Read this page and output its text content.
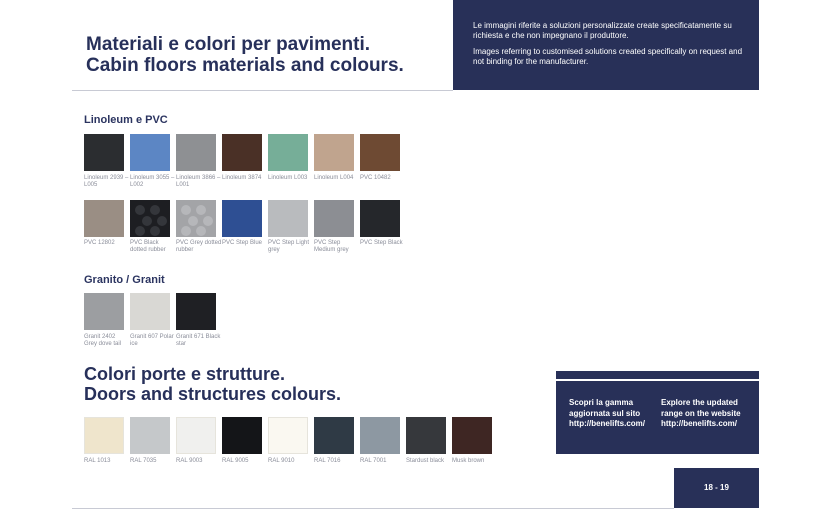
Materiali e colori per pavimenti.
Cabin floors materials and colours.

Le immagini riferite a soluzioni personalizzate create specificatamente su richiesta e che non impegnano il produttore.

Images referring to customised solutions created specifically on request and not binding for the manufacturer.

Linoleum e PVC
Linoleum 2939 – L005
Linoleum 3055 – L002
Linoleum 3866 – L001
Linoleum 3874	Linoleum L003	Linoleum L004	PVC 10482
PVC 12802	PVC Black dotted rubber
PVC Grey dotted rubber
PVC Step Blue PVC Step Light grey
PVC Step Medium grey
PVC Step Black
Granito / Granit
Granit 2402 Grey dove tail
Granit 607 Polar ice
Granit 671 Black star
Colori porte e strutture.
Doors and structures colours.
RAL 1013	RAL 7035	RAL 9003	RAL 9005	RAL 9010	RAL 7016	RAL 7001	Stardust black	Musk brown
Scopri la gamma aggiornata sul sito http://benelifts.com/
Explore the updated range on the website http://benelifts.com/
18 - 19
